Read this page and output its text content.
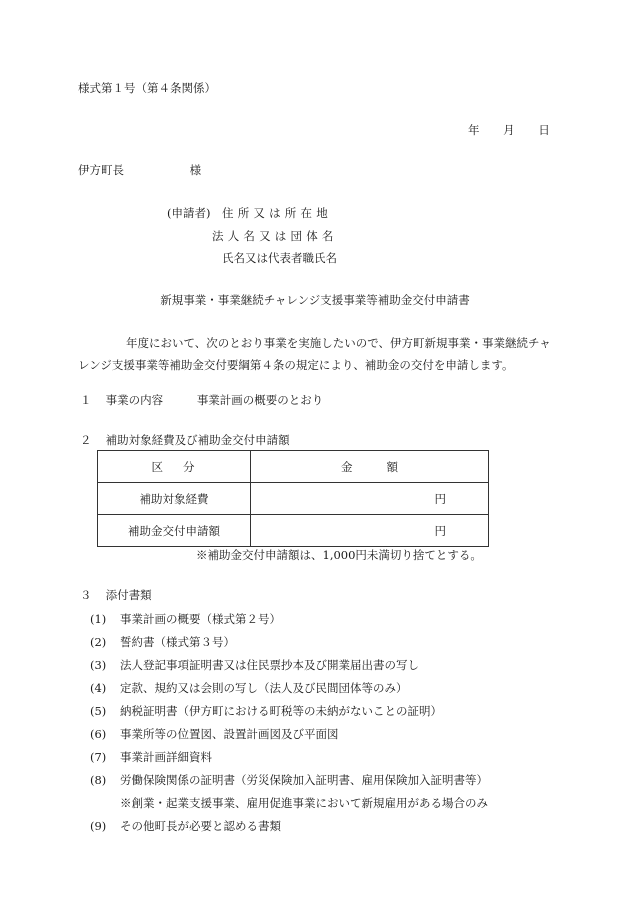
様式第１号（第４条関係）
年 月 日
伊方町長	様
(申請者) 住所又は所在地
法人名又は団体名
氏名又は代表者職氏名
新規事業・事業継続チャレンジ支援事業等補助金交付申請書
年度において、次のとおり事業を実施したいので、伊方町新規事業・事業継続チャレンジ支援事業等補助金交付要綱第４条の規定により、補助金の交付を申請します。
１ 事業の内容	事業計画の概要のとおり
２ 補助対象経費及び補助金交付申請額
区分	金額
補助対象経費	円
補助金交付申請額	円
※補助金交付申請額は、1,000円未満切り捨てとする。
３ 添付書類
(1) 事業計画の概要（様式第２号）
(2) 誓約書（様式第３号）
(3) 法人登記事項証明書又は住民票抄本及び開業届出書の写し
(4) 定款、規約又は会則の写し（法人及び民間団体等のみ）
(5) 納税証明書（伊方町における町税等の未納がないことの証明）
(6) 事業所等の位置図、設置計画図及び平面図
(7) 事業計画詳細資料
(8) 労働保険関係の証明書（労災保険加入証明書、雇用保険加入証明書等）
※創業・起業支援事業、雇用促進事業において新規雇用がある場合のみ
(9) その他町長が必要と認める書類
